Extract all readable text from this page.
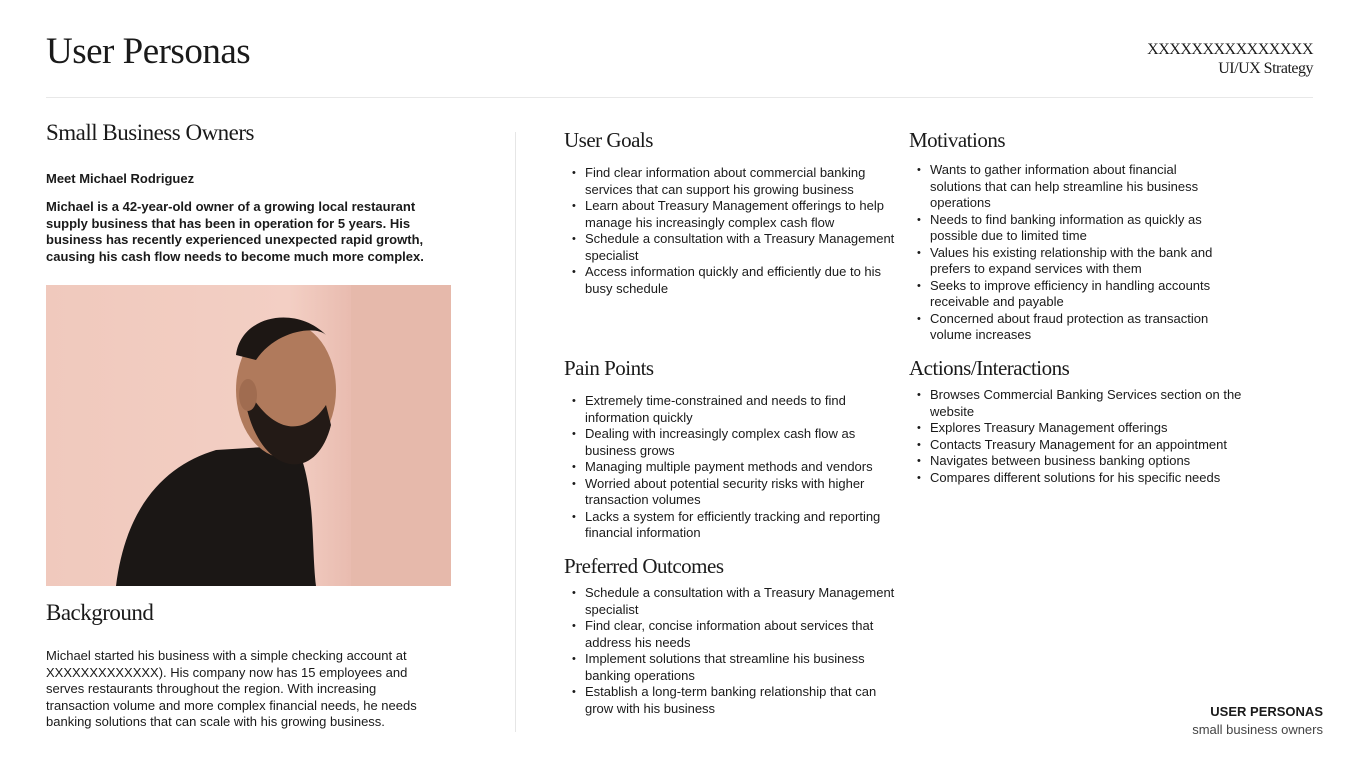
User Personas	XXXXXXXXXXXXXXX
UI/UX Strategy
Small Business Owners
Meet Michael Rodriguez
Michael is a 42-year-old owner of a growing local restaurant supply business that has been in operation for 5 years. His business has recently experienced unexpected rapid growth, causing his cash flow needs to become much more complex.
Background
Michael started his business with a simple checking account at XXXXXXXXXXXXX). His company now has 15 employees and serves restaurants throughout the region. With increasing transaction volume and more complex financial needs, he needs banking solutions that can scale with his growing business.
User Goals
• Find clear information about commercial banking services that can support his growing business
• Learn about Treasury Management offerings to help manage his increasingly complex cash flow
• Schedule a consultation with a Treasury Management specialist
• Access information quickly and efficiently due to his busy schedule
Pain Points
• Extremely time-constrained and needs to find information quickly
• Dealing with increasingly complex cash flow as business grows
• Managing multiple payment methods and vendors
• Worried about potential security risks with higher transaction volumes
• Lacks a system for efficiently tracking and reporting financial information
Preferred Outcomes
• Schedule a consultation with a Treasury Management specialist
• Find clear, concise information about services that address his needs
• Implement solutions that streamline his business banking operations
• Establish a long-term banking relationship that can grow with his business
Motivations
• Wants to gather information about financial solutions that can help streamline his business operations
• Needs to find banking information as quickly as possible due to limited time
• Values his existing relationship with the bank and prefers to expand services with them
• Seeks to improve efficiency in handling accounts receivable and payable
• Concerned about fraud protection as transaction volume increases
Actions/Interactions
• Browses Commercial Banking Services section on the website
• Explores Treasury Management offerings
• Contacts Treasury Management for an appointment
• Navigates between business banking options
• Compares different solutions for his specific needs
USER PERSONAS
small business owners
